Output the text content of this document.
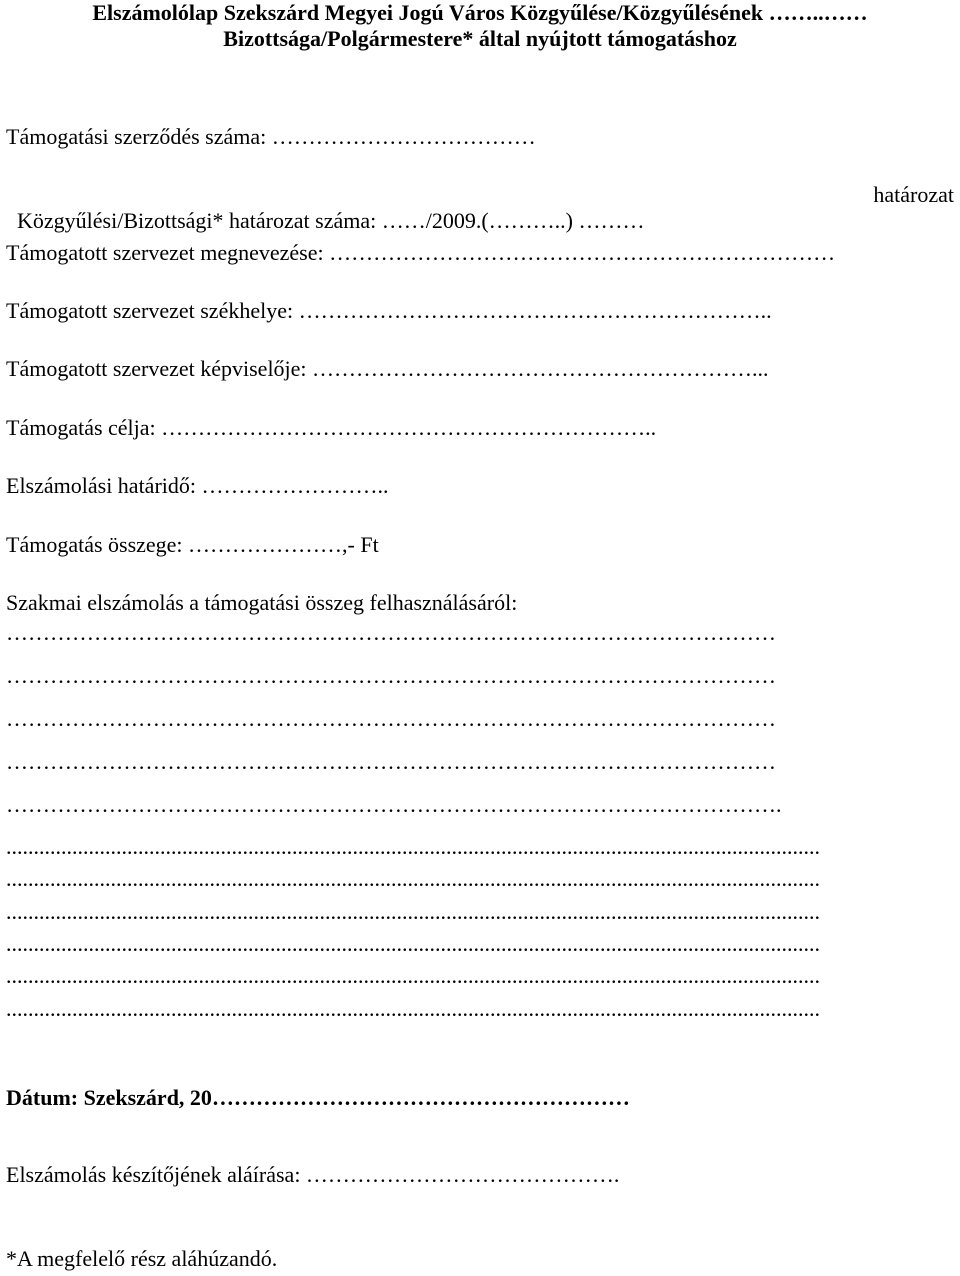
Elszámolólap Szekszárd Megyei Jogú Város Közgyűlése/Közgyűlésének ……..……
Bizottsága/Polgármestere* által nyújtott támogatáshoz
Támogatási szerződés száma: ………………………………

Közgyűlési/Bizottsági* határozat száma: ……/2009.(………..) ………

határozat

Támogatott szervezet megnevezése: ……………………………………………………………
Támogatott szervezet székhelye: ………………………………………………………..
Támogatott szervezet képviselője: ……………………………………………………...
Támogatás célja: …………………………………………………………..
Elszámolási határidő: ……………………..
Támogatás összege: …………………,- Ft
Szakmai elszámolás a támogatási összeg felhasználásáról:
……………………………………………………………………………………………
……………………………………………………………………………………………
……………………………………………………………………………………………
……………………………………………………………………………………………
…………………………………………………………………………………………….
....................................................................................................................................................
....................................................................................................................................................
....................................................................................................................................................
....................................................................................................................................................
....................................................................................................................................................
....................................................................................................................................................
Dátum: Szekszárd, 20…………………………………………………
Elszámolás készítőjének aláírása: …………………………………….
*A megfelelő rész aláhúzandó.
